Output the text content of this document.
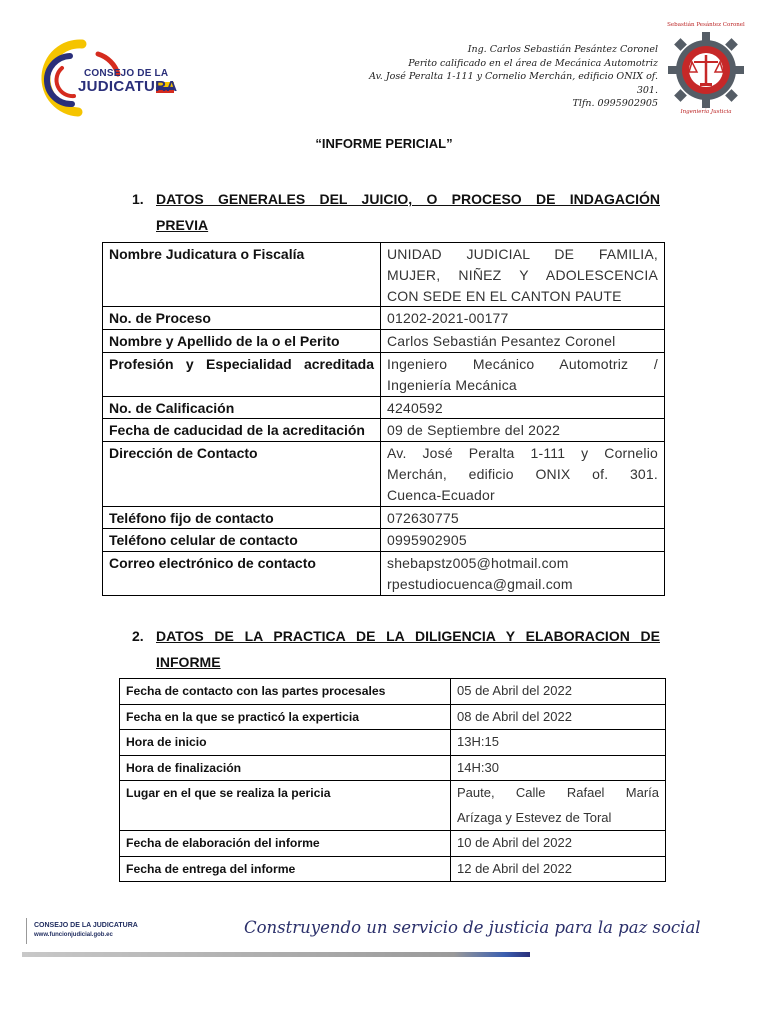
CONSEJO DE LA
JUDICATURA
Ing. Carlos Sebastián Pesántez Coronel
Perito calificado en el área de Mecánica Automotriz
Av. José Peralta 1-111 y Cornelio Merchán, edificio ONIX of. 301.
Tlfn. 0995902905
Sebastián Pesántez Coronel
Ingeniería Justicia
“INFORME PERICIAL”
1. DATOS GENERALES DEL JUICIO, O PROCESO DE INDAGACIÓN
PREVIA
Nombre Judicatura o Fiscalía	UNIDAD JUDICIAL DE FAMILIA,
MUJER, NIÑEZ Y ADOLESCENCIA
CON SEDE EN EL CANTON PAUTE
No. de Proceso	01202-2021-00177
Nombre y Apellido de la o el Perito	Carlos Sebastián Pesantez Coronel
Profesión y Especialidad acreditada	Ingeniero Mecánico Automotriz /
Ingeniería Mecánica
No. de Calificación	4240592
Fecha de caducidad de la acreditación	09 de Septiembre del 2022
Dirección de Contacto	Av. José Peralta 1-111 y Cornelio
Merchán, edificio ONIX of. 301.
Cuenca-Ecuador
Teléfono fijo de contacto	072630775
Teléfono celular de contacto	0995902905
Correo electrónico de contacto	shebapstz005@hotmail.com
rpestudiocuenca@gmail.com
2. DATOS DE LA PRACTICA DE LA DILIGENCIA Y ELABORACION DE
INFORME
Fecha de contacto con las partes procesales	05 de Abril del 2022
Fecha en la que se practicó la experticia	08 de Abril del 2022
Hora de inicio	13H:15
Hora de finalización	14H:30
Lugar en el que se realiza la pericia	Paute, Calle Rafael María
Arízaga y Estevez de Toral

Fecha de elaboración del informe	10 de Abril del 2022
Fecha de entrega del informe	12 de Abril del 2022
CONSEJO DE LA JUDICATURA
www.funcionjudicial.gob.ec	Construyendo un servicio de justicia para la paz social
